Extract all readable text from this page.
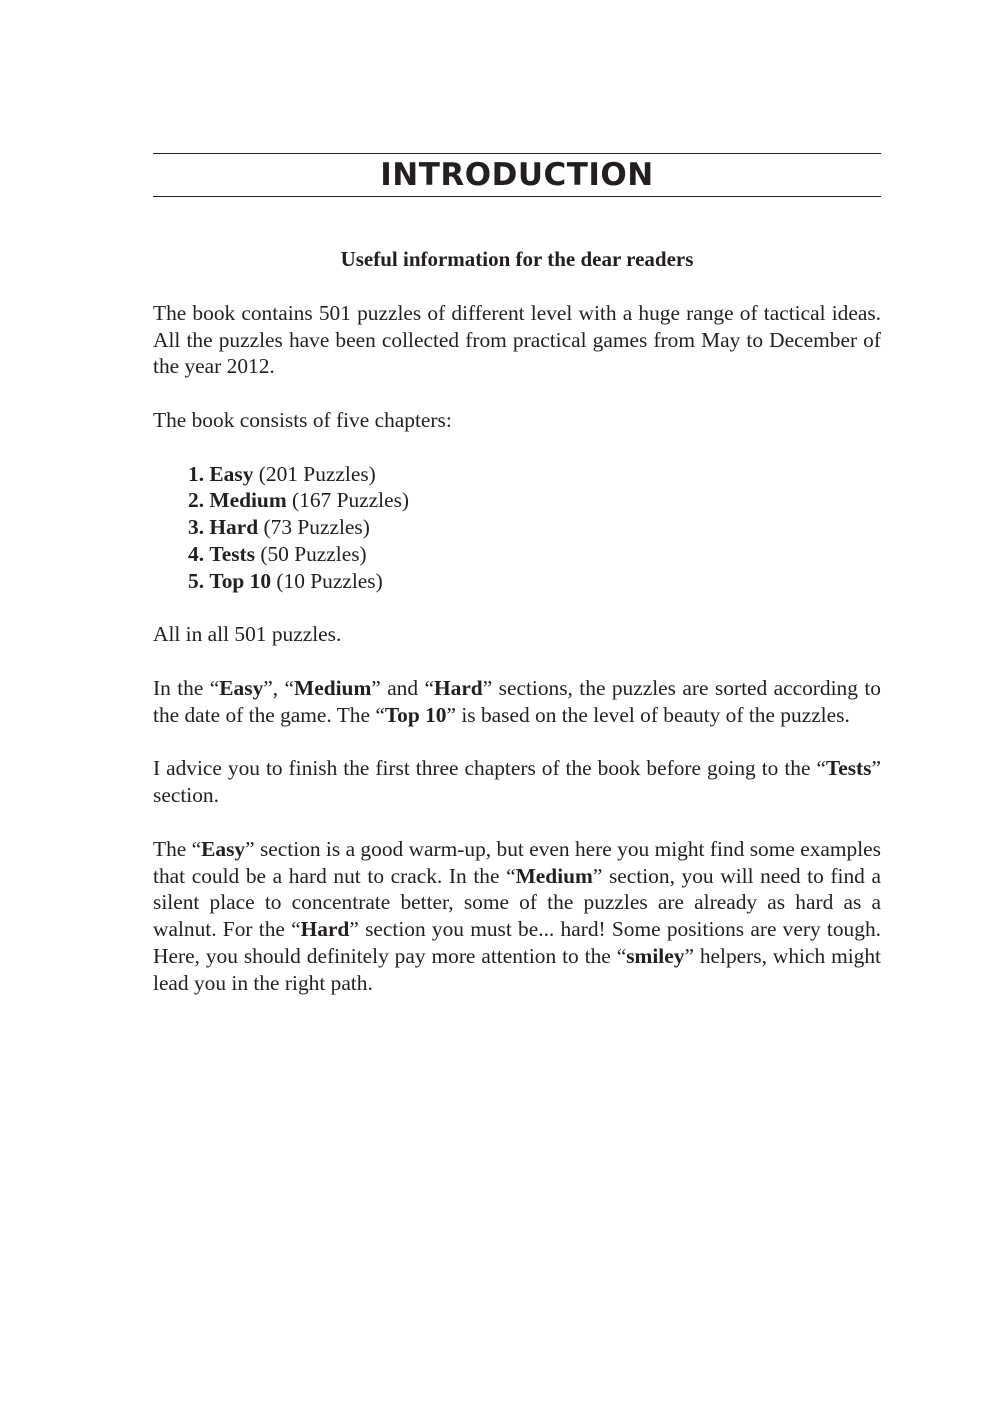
INTRODUCTION
Useful information for the dear readers

The book contains 501 puzzles of different level with a huge range of tactical ideas. All the puzzles have been collected from practical games from May to December of the year 2012.

The book consists of five chapters:

1. Easy (201 Puzzles)
2. Medium (167 Puzzles)
3. Hard (73 Puzzles)
4. Tests (50 Puzzles)
5. Top 10 (10 Puzzles)

All in all 501 puzzles.

In the “Easy”, “Medium” and “Hard” sections, the puzzles are sorted according to the date of the game. The “Top 10” is based on the level of beauty of the puzzles.

I advice you to finish the first three chapters of the book before going to the “Tests” section.

The “Easy” section is a good warm-up, but even here you might find some examples that could be a hard nut to crack. In the “Medium” section, you will need to find a silent place to concentrate better, some of the puzzles are already as hard as a walnut. For the “Hard” section you must be... hard! Some positions are very tough. Here, you should definitely pay more attention to the “smiley” helpers, which might lead you in the right path.
